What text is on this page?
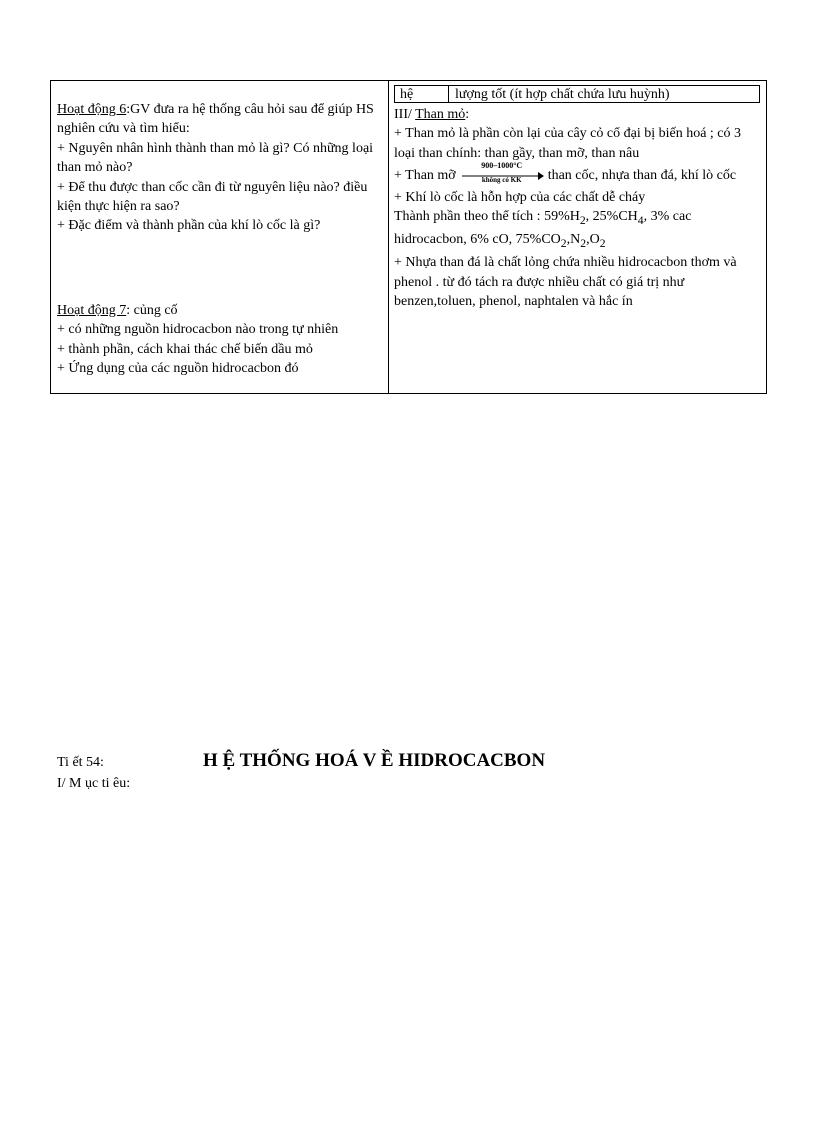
Hoạt động 6:GV đưa ra hệ thống câu hỏi sau để giúp HS nghiên cứu và tìm hiểu:
+ Nguyên nhân hình thành than mỏ là gì? Có những loại than mỏ nào?
+ Để thu được than cốc cần đi từ nguyên liệu nào? điều kiện thực hiện ra sao?
+ Đặc điểm và thành phần của khí lò cốc là gì?
Hoạt động 7: củng cố
+ có những nguồn hidrocacbon nào trong tự nhiên
+ thành phần, cách khai thác chế biến dầu mỏ
+ Ứng dụng của các nguồn hidrocacbon đó
hệ	lượng tốt (ít hợp chất chứa lưu huỳnh)
III/ Than mỏ:
+ Than mỏ là phần còn lại của cây cỏ cổ đại bị biến hoá ; có 3 loại than chính: than gầy, than mỡ, than nâu
+ Than mỡ
900–1000°C
không có KK	than cốc, nhựa than đá, khí lò cốc
+ Khí lò cốc là hỗn hợp của các chất dễ cháy
Thành phần theo thể tích : $59\%H_2$, $25\%CH_4$, 3% cac hidrocacbon, 6% cO, $75\%CO_2,N_2,O_2$
+ Nhựa than đá là chất lỏng chứa nhiều hidrocacbon thơm và phenol . từ đó tách ra được nhiều chất có giá trị như benzen,toluen, phenol, naphtalen và hắc ín
Ti ết 54:	H Ệ THỐNG HOÁ V Ề HIDROCACBON
I/ M ục ti êu:
